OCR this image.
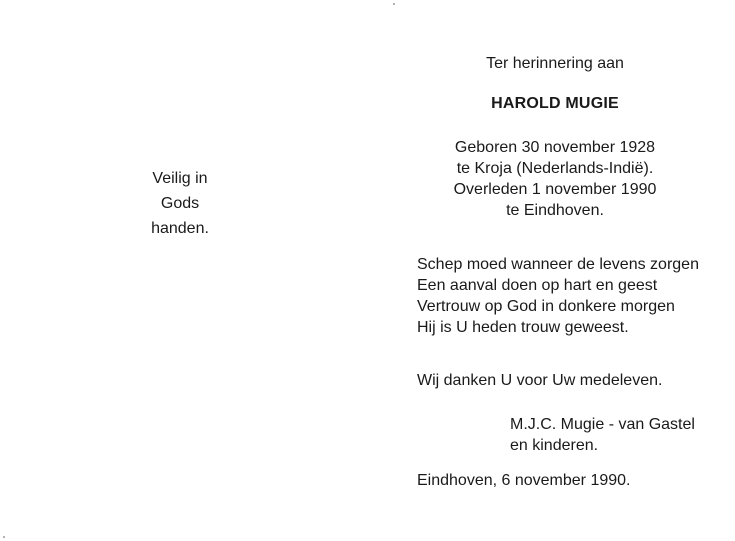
Veilig in
Gods
handen.
Ter herinnering aan
HAROLD MUGIE
Geboren 30 november 1928
te Kroja (Nederlands-Indië).
Overleden 1 november 1990
te Eindhoven.
Schep moed wanneer de levens zorgen
Een aanval doen op hart en geest
Vertrouw op God in donkere morgen
Hij is U heden trouw geweest.
Wij danken U voor Uw medeleven.
M.J.C. Mugie - van Gastel
en kinderen.
Eindhoven, 6 november 1990.
